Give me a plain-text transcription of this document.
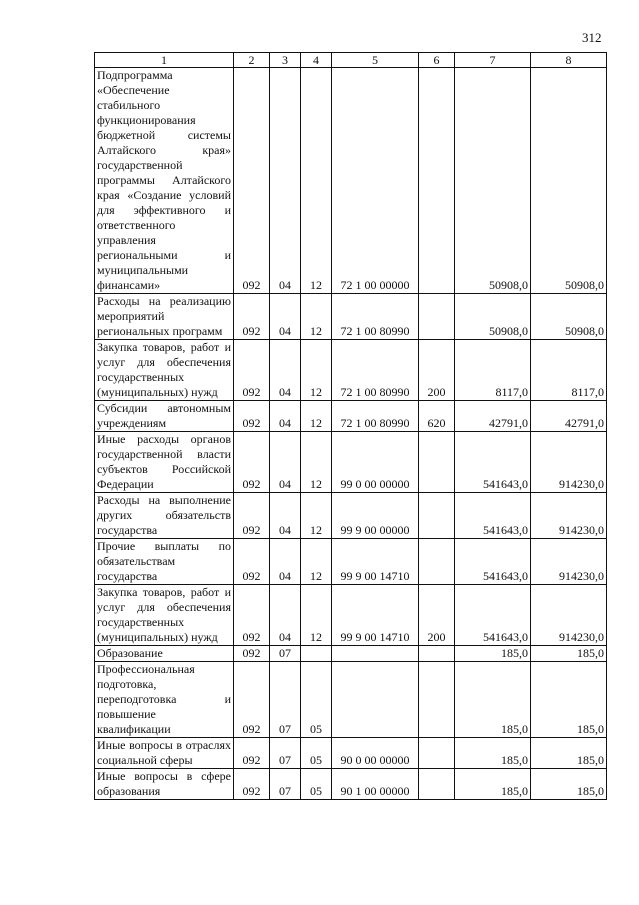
312
1	2	3	4	5	6	7	8
Подпрограмма «Обеспечение стабильного функционирования бюджетной системы Алтайского края» государственной программы Алтайского края «Создание условий для эффективного и ответственного управления региональными и муниципальными финансами»	092	04	12	72 1 00 00000		50908,0	50908,0
Расходы на реализацию мероприятий региональных программ	092	04	12	72 1 00 80990		50908,0	50908,0
Закупка товаров, работ и услуг для обеспечения государственных (муниципальных) нужд	092	04	12	72 1 00 80990	200	8117,0	8117,0
Субсидии автономным учреждениям	092	04	12	72 1 00 80990	620	42791,0	42791,0
Иные расходы органов государственной власти субъектов Российской Федерации	092	04	12	99 0 00 00000		541643,0	914230,0
Расходы на выполнение других обязательств государства	092	04	12	99 9 00 00000		541643,0	914230,0
Прочие выплаты по обязательствам государства	092	04	12	99 9 00 14710		541643,0	914230,0
Закупка товаров, работ и услуг для обеспечения государственных (муниципальных) нужд	092	04	12	99 9 00 14710	200	541643,0	914230,0
Образование	092	07				185,0	185,0
Профессиональная подготовка, переподготовка и повышение квалификации	092	07	05			185,0	185,0
Иные вопросы в отраслях социальной сферы	092	07	05	90 0 00 00000		185,0	185,0
Иные вопросы в сфере образования	092	07	05	90 1 00 00000		185,0	185,0
